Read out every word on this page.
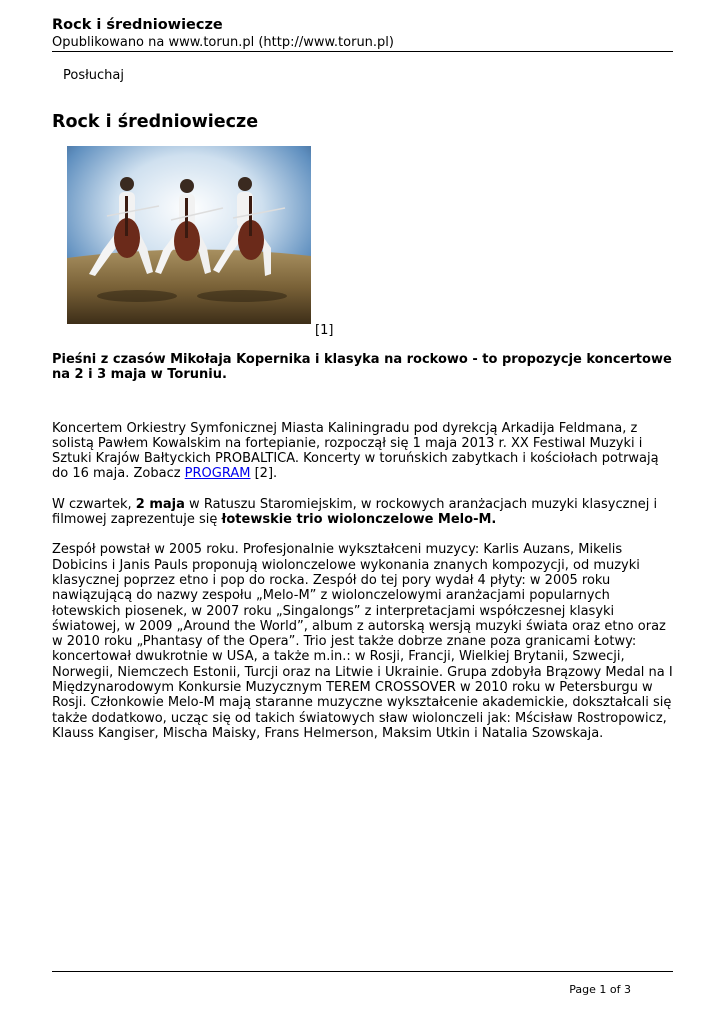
Rock i średniowiecze
Opublikowano na www.torun.pl (http://www.torun.pl)
Posłuchaj
Rock i średniowiecze
[1]

Pieśni z czasów Mikołaja Kopernika i klasyka na rockowo - to propozycje koncertowe na 2 i 3 maja w Toruniu.

Koncertem Orkiestry Symfonicznej Miasta Kaliningradu pod dyrekcją Arkadija Feldmana, z solistą Pawłem Kowalskim na fortepianie, rozpoczął się 1 maja 2013 r. XX Festiwal Muzyki i Sztuki Krajów Bałtyckich PROBALTICA. Koncerty w toruńskich zabytkach i kościołach potrwają do 16 maja. Zobacz PROGRAM [2].

W czwartek, 2 maja w Ratuszu Staromiejskim, w rockowych aranżacjach muzyki klasycznej i filmowej zaprezentuje się łotewskie trio wiolonczelowe Melo-M.

Zespół powstał w 2005 roku. Profesjonalnie wykształceni muzycy: Karlis Auzans, Mikelis Dobicins i Janis Pauls proponują wiolonczelowe wykonania znanych kompozycji, od muzyki klasycznej poprzez etno i pop do rocka. Zespół do tej pory wydał 4 płyty: w 2005 roku nawiązującą do nazwy zespołu „Melo-M” z wiolonczelowymi aranżacjami popularnych łotewskich piosenek, w 2007 roku „Singalongs” z interpretacjami współczesnej klasyki światowej, w 2009 „Around the World”, album z autorską wersją muzyki świata oraz etno oraz w 2010 roku „Phantasy of the Opera”. Trio jest także dobrze znane poza granicami Łotwy: koncertował dwukrotnie w USA, a także m.in.: w Rosji, Francji, Wielkiej Brytanii, Szwecji, Norwegii, Niemczech Estonii, Turcji oraz na Litwie i Ukrainie. Grupa zdobyła Brązowy Medal na I Międzynarodowym Konkursie Muzycznym TEREM CROSSOVER w 2010 roku w Petersburgu w Rosji. Członkowie Melo-M mają staranne muzyczne wykształcenie akademickie, dokształcali się także dodatkowo, ucząc się od takich światowych sław wiolonczeli jak: Mścisław Rostropowicz, Klauss Kangiser, Mischa Maisky, Frans Helmerson, Maksim Utkin i Natalia Szowskaja.

Page 1 of 3
